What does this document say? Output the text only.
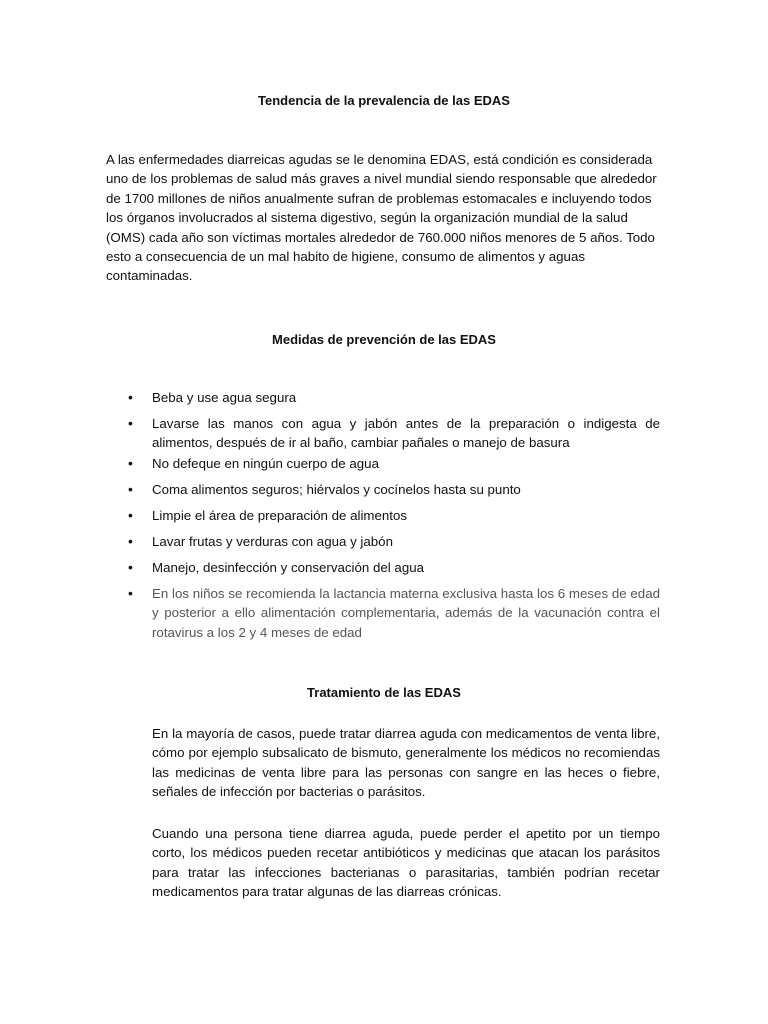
Tendencia de la prevalencia de las EDAS

A las enfermedades diarreicas agudas se le denomina EDAS, está condición es considerada uno de los problemas de salud más graves a nivel mundial siendo responsable que alrededor de 1700 millones de niños anualmente sufran de problemas estomacales e incluyendo todos los órganos involucrados al sistema digestivo, según la organización mundial de la salud (OMS) cada año son víctimas mortales alrededor de 760.000 niños menores de 5 años. Todo esto a consecuencia de un mal habito de higiene, consumo de alimentos y aguas contaminadas.

Medidas de prevención de las EDAS
• Beba y use agua segura
• Lavarse las manos con agua y jabón antes de la preparación o indigesta de alimentos, después de ir al baño, cambiar pañales o manejo de basura
• No defeque en ningún cuerpo de agua
• Coma alimentos seguros; hiérvalos y cocínelos hasta su punto
• Limpie el área de preparación de alimentos
• Lavar frutas y verduras con agua y jabón
• Manejo, desinfección y conservación del agua
• En los niños se recomienda la lactancia materna exclusiva hasta los 6 meses de edad y posterior a ello alimentación complementaria, además de la vacunación contra el rotavirus a los 2 y 4 meses de edad
Tratamiento de las EDAS

En la mayoría de casos, puede tratar diarrea aguda con medicamentos de venta libre, cómo por ejemplo subsalicato de bismuto, generalmente los médicos no recomiendas las medicinas de venta libre para las personas con sangre en las heces o fiebre, señales de infección por bacterias o parásitos.

Cuando una persona tiene diarrea aguda, puede perder el apetito por un tiempo corto, los médicos pueden recetar antibióticos y medicinas que atacan los parásitos para tratar las infecciones bacterianas o parasitarias, también podrían recetar medicamentos para tratar algunas de las diarreas crónicas.
